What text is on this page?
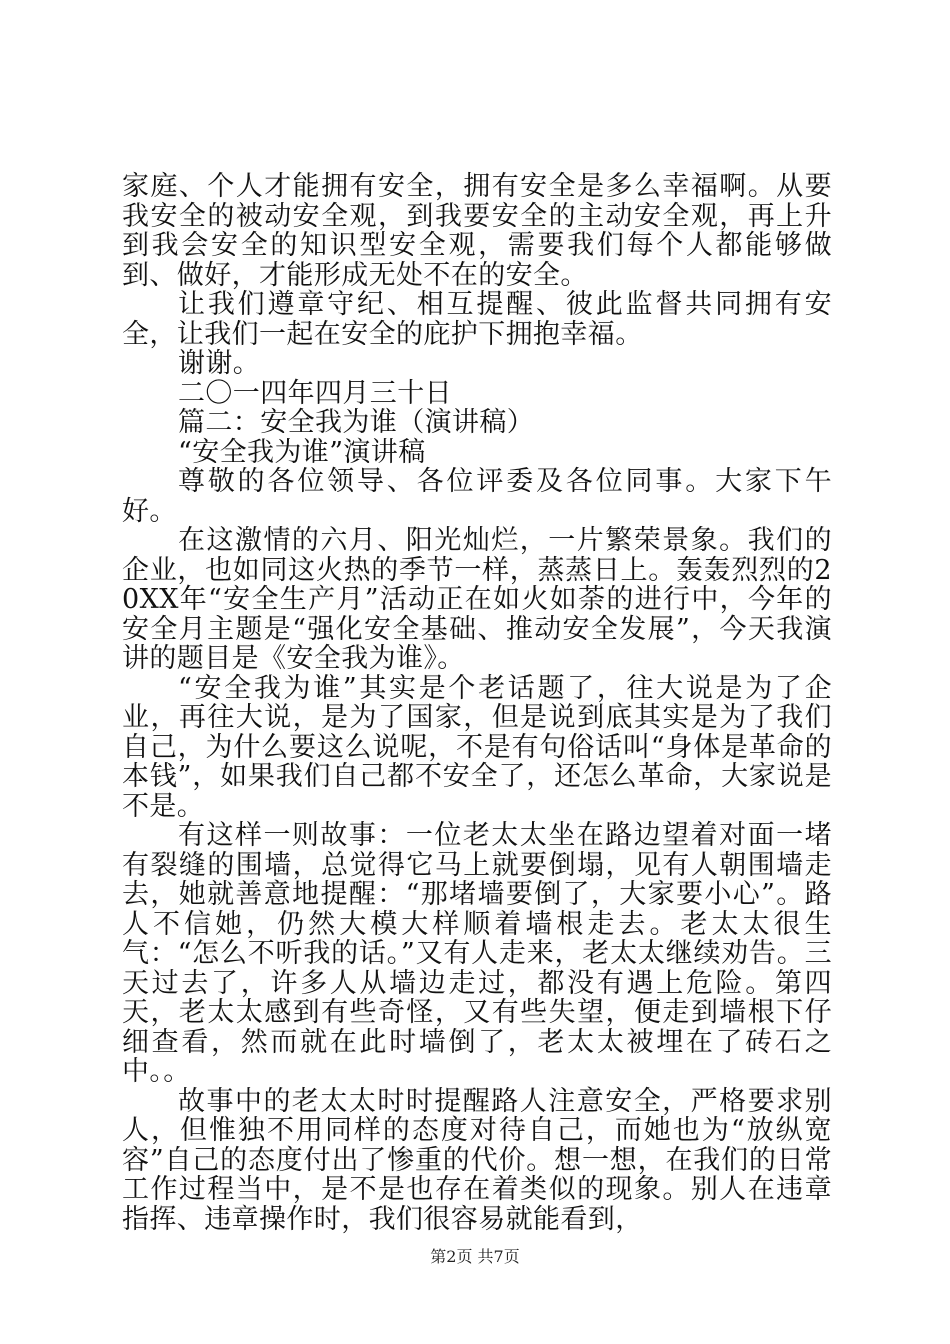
家庭、个人才能拥有安全，拥有安全是多么幸福啊。从要我安全的被动安全观，到我要安全的主动安全观，再上升到我会安全的知识型安全观，需要我们每个人都能够做到、做好，才能形成无处不在的安全。

让我们遵章守纪、相互提醒、彼此监督共同拥有安全，让我们一起在安全的庇护下拥抱幸福。

谢谢。

二〇一四年四月三十日

篇二：安全我为谁（演讲稿）

“安全我为谁”演讲稿

尊敬的各位领导、各位评委及各位同事。大家下午好。

在这激情的六月、阳光灿烂，一片繁荣景象。我们的企业，也如同这火热的季节一样，蒸蒸日上。轰轰烈烈的20XX年“安全生产月”活动正在如火如荼的进行中，今年的安全月主题是“强化安全基础、推动安全发展”，今天我演讲的题目是《安全我为谁》。

“安全我为谁”其实是个老话题了，往大说是为了企业，再往大说，是为了国家，但是说到底其实是为了我们自己，为什么要这么说呢，不是有句俗话叫“身体是革命的本钱”，如果我们自己都不安全了，还怎么革命，大家说是不是。

有这样一则故事：一位老太太坐在路边望着对面一堵有裂缝的围墙，总觉得它马上就要倒塌，见有人朝围墙走去，她就善意地提醒：“那堵墙要倒了，大家要小心”。路人不信她，仍然大模大样顺着墙根走去。老太太很生气：“怎么不听我的话。”又有人走来，老太太继续劝告。三天过去了，许多人从墙边走过，都没有遇上危险。第四天，老太太感到有些奇怪，又有些失望，便走到墙根下仔细查看，然而就在此时墙倒了，老太太被埋在了砖石之中。。

故事中的老太太时时提醒路人注意安全，严格要求别人，但惟独不用同样的态度对待自己，而她也为“放纵宽容”自己的态度付出了惨重的代价。想一想，在我们的日常工作过程当中，是不是也存在着类似的现象。别人在违章指挥、违章操作时，我们很容易就能看到，

第2页 共7页
